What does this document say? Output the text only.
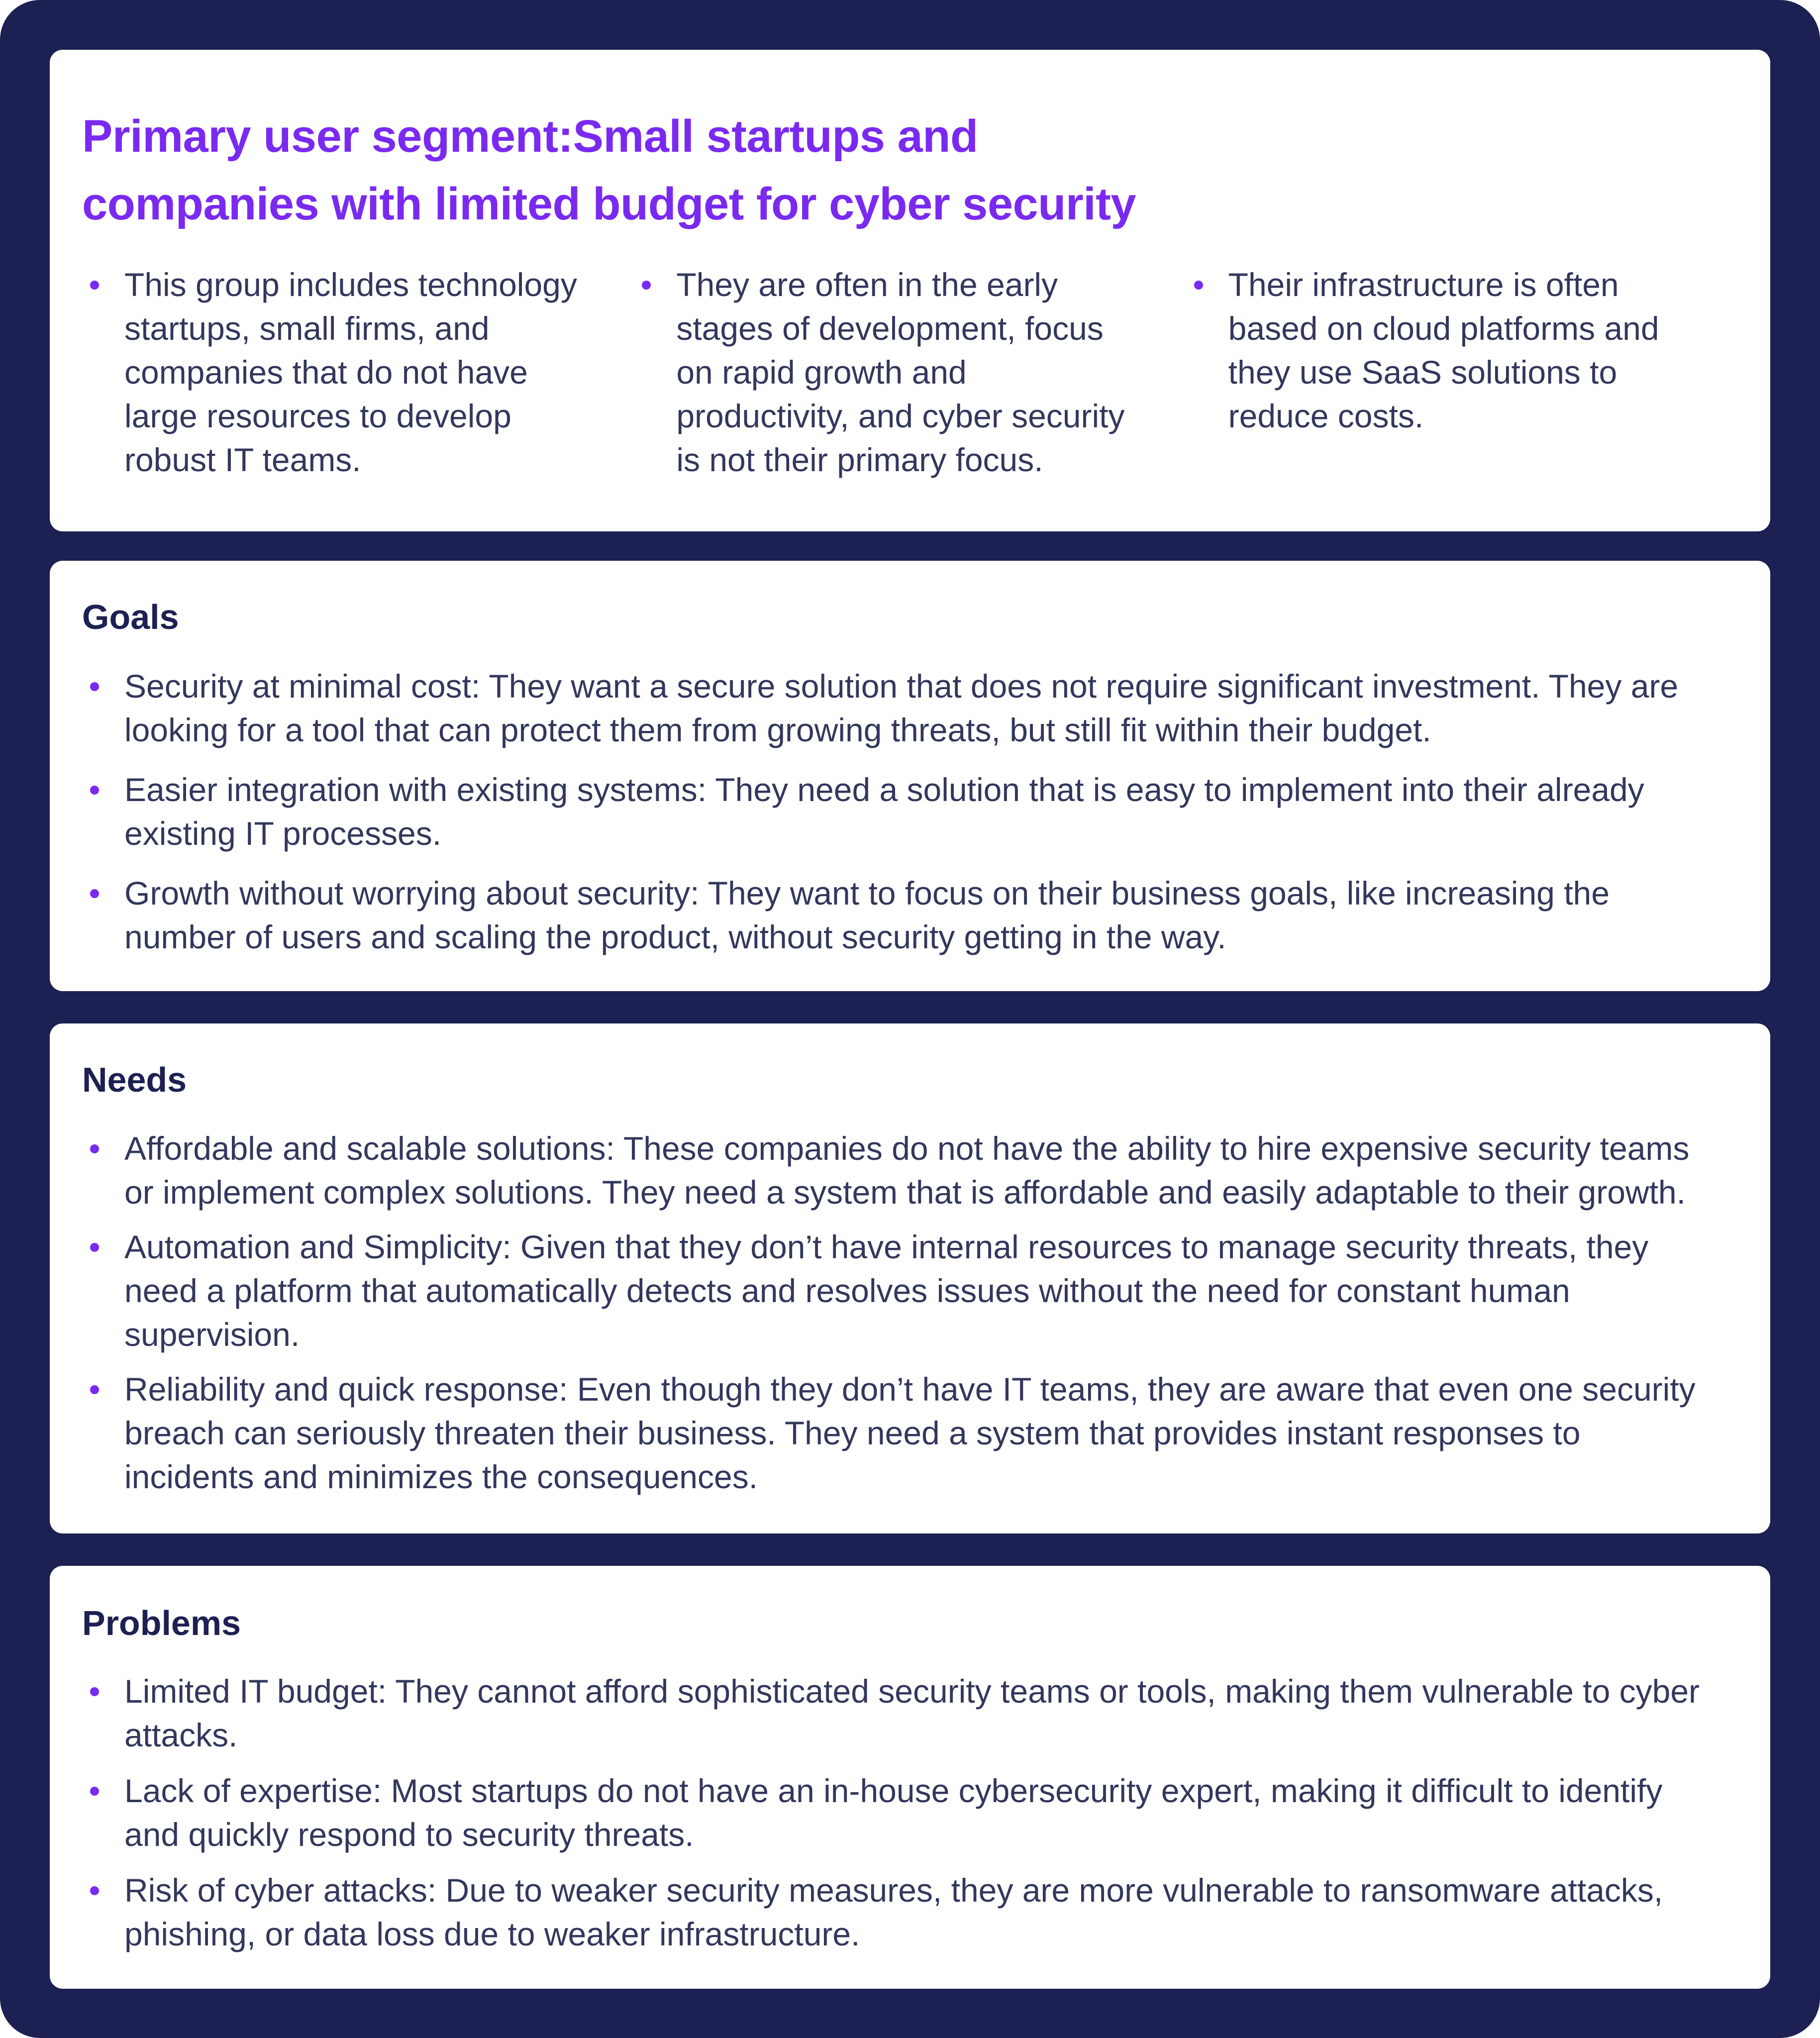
Primary user segment:Small startups and
companies with limited budget for cyber security
This group includes technology startups, small firms, and companies that do not have large resources to develop robust IT teams.
They are often in the early stages of development, focus on rapid growth and productivity, and cyber security is not their primary focus.
Their infrastructure is often based on cloud platforms and they use SaaS solutions to reduce costs.
Goals
Security at minimal cost: They want a secure solution that does not require significant investment. They are looking for a tool that can protect them from growing threats, but still fit within their budget.
Easier integration with existing systems: They need a solution that is easy to implement into their already existing IT processes.
Growth without worrying about security: They want to focus on their business goals, like increasing the number of users and scaling the product, without security getting in the way.
Needs
Affordable and scalable solutions: These companies do not have the ability to hire expensive security teams or implement complex solutions. They need a system that is affordable and easily adaptable to their growth.
Automation and Simplicity: Given that they don’t have internal resources to manage security threats, they need a platform that automatically detects and resolves issues without the need for constant human supervision.
Reliability and quick response: Even though they don’t have IT teams, they are aware that even one security breach can seriously threaten their business. They need a system that provides instant responses to incidents and minimizes the consequences.
Problems
Limited IT budget: They cannot afford sophisticated security teams or tools, making them vulnerable to cyber attacks.
Lack of expertise: Most startups do not have an in-house cybersecurity expert, making it difficult to identify and quickly respond to security threats.
Risk of cyber attacks: Due to weaker security measures, they are more vulnerable to ransomware attacks, phishing, or data loss due to weaker infrastructure.
